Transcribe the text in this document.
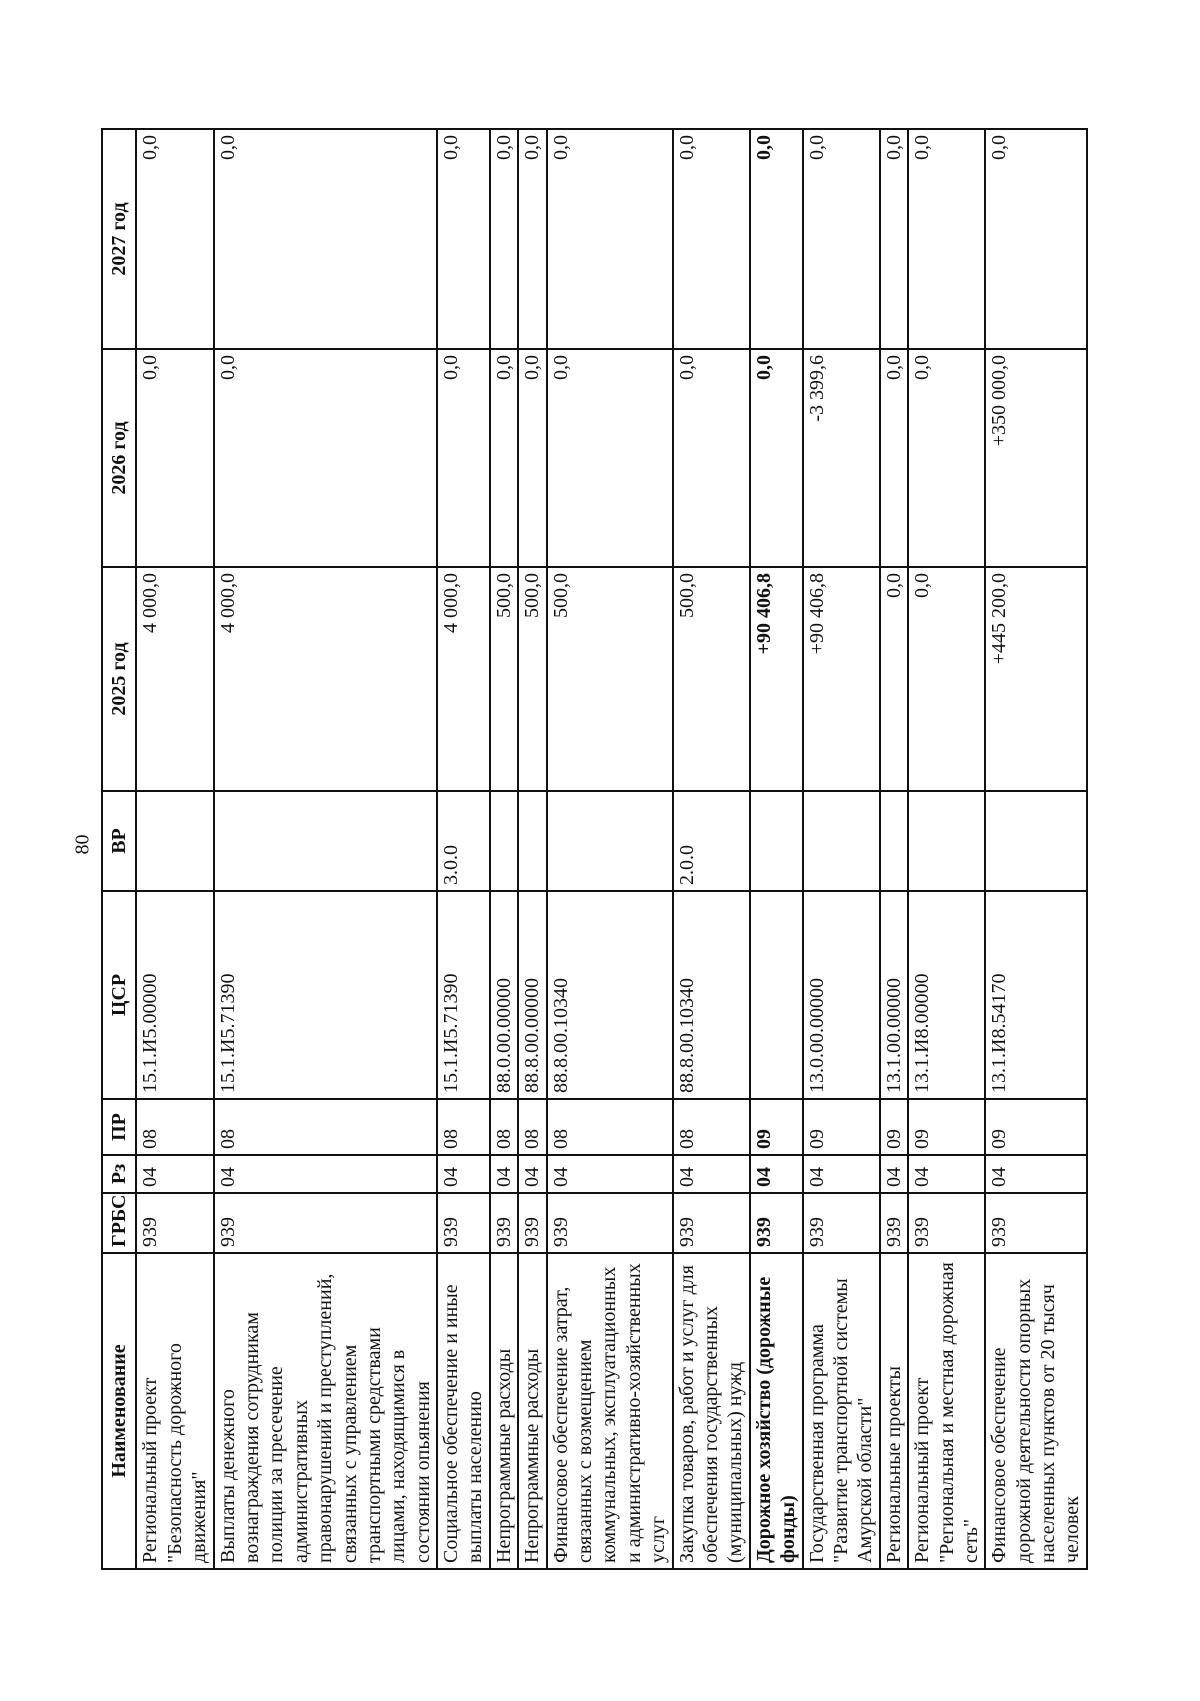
80
Наименование	ГРБС	Рз	ПР	ЦСР	ВР	2025 год	2026 год	2027 год
Региональный проект "Безопасность дорожного движения"	939	04	08	15.1.И5.00000		4 000,0	0,0	0,0
Выплаты денежного вознаграждения сотрудникам полиции за пресечение административных правонарушений и преступлений, связанных с управлением транспортными средствами лицами, находящимися в состоянии опьянения	939	04	08	15.1.И5.71390		4 000,0	0,0	0,0
Социальное обеспечение и иные выплаты населению	939	04	08	15.1.И5.71390	3.0.0	4 000,0	0,0	0,0
Непрограммные расходы	939	04	08	88.0.00.00000		500,0	0,0	0,0
Непрограммные расходы	939	04	08	88.8.00.00000		500,0	0,0	0,0
Финансовое обеспечение затрат, связанных с возмещением коммунальных, эксплуатационных и административно-хозяйственных услуг	939	04	08	88.8.00.10340		500,0	0,0	0,0
Закупка товаров, работ и услуг для обеспечения государственных (муниципальных) нужд	939	04	08	88.8.00.10340	2.0.0	500,0	0,0	0,0
Дорожное хозяйство (дорожные фонды)	939	04	09			+90 406,8	0,0	0,0
Государственная программа "Развитие транспортной системы Амурской области"	939	04	09	13.0.00.00000		+90 406,8	-3 399,6	0,0
Региональные проекты	939	04	09	13.1.00.00000		0,0	0,0	0,0
Региональный проект "Региональная и местная дорожная сеть"	939	04	09	13.1.И8.00000		0,0	0,0	0,0
Финансовое обеспечение дорожной деятельности опорных населенных пунктов от 20 тысяч человек	939	04	09	13.1.И8.54170		+445 200,0	+350 000,0	0,0
